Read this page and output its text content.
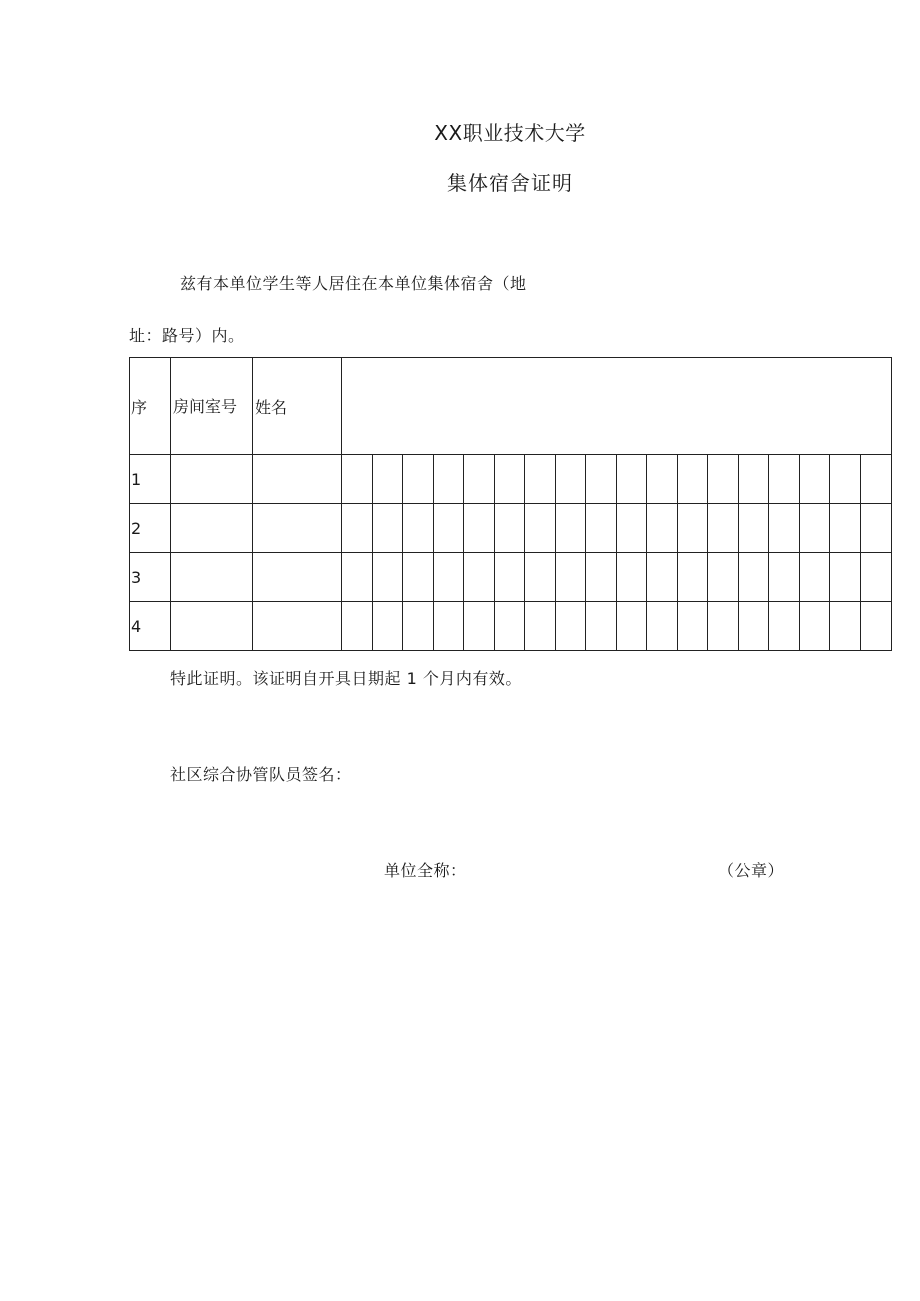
XX职业技术大学
集体宿舍证明
兹有本单位学生等人居住在本单位集体宿舍（地
址：路号）内。
序	房间室号	姓名																		
1																				
2																				
3																				
4																				
特此证明。该证明自开具日期起 1 个月内有效。
社区综合协管队员签名：
单位全称：	（公章）
